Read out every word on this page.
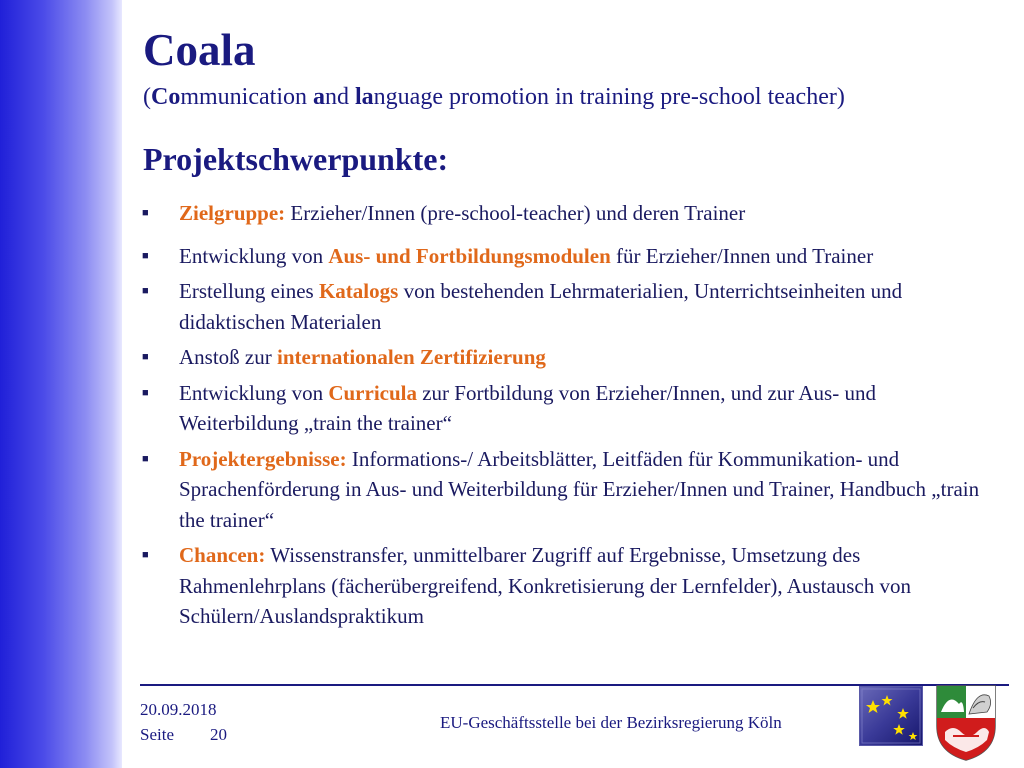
Coala
(Communication and language promotion in training pre-school teacher)
Projektschwerpunkte:
■ Zielgruppe: Erzieher/Innen (pre-school-teacher) und deren Trainer
■ Entwicklung von Aus- und Fortbildungsmodulen für Erzieher/Innen und Trainer
■ Erstellung eines Katalogs von bestehenden Lehrmaterialien, Unterrichtseinheiten und didaktischen Materialen
■ Anstoß zur internationalen Zertifizierung
■ Entwicklung von Curricula zur Fortbildung von Erzieher/Innen, und zur Aus- und Weiterbildung „train the trainer“
■ Projektergebnisse: Informations-/ Arbeitsblätter, Leitfäden für Kommunikation- und Sprachenförderung in Aus- und Weiterbildung für Erzieher/Innen und Trainer, Handbuch „train the trainer“
■ Chancen: Wissenstransfer, unmittelbarer Zugriff auf Ergebnisse, Umsetzung des Rahmenlehrplans (fächerübergreifend, Konkretisierung der Lernfelder), Austausch von Schülern/Auslandspraktikum
20.09.2018
Seite 20
EU-Geschäftsstelle bei der Bezirksregierung Köln
